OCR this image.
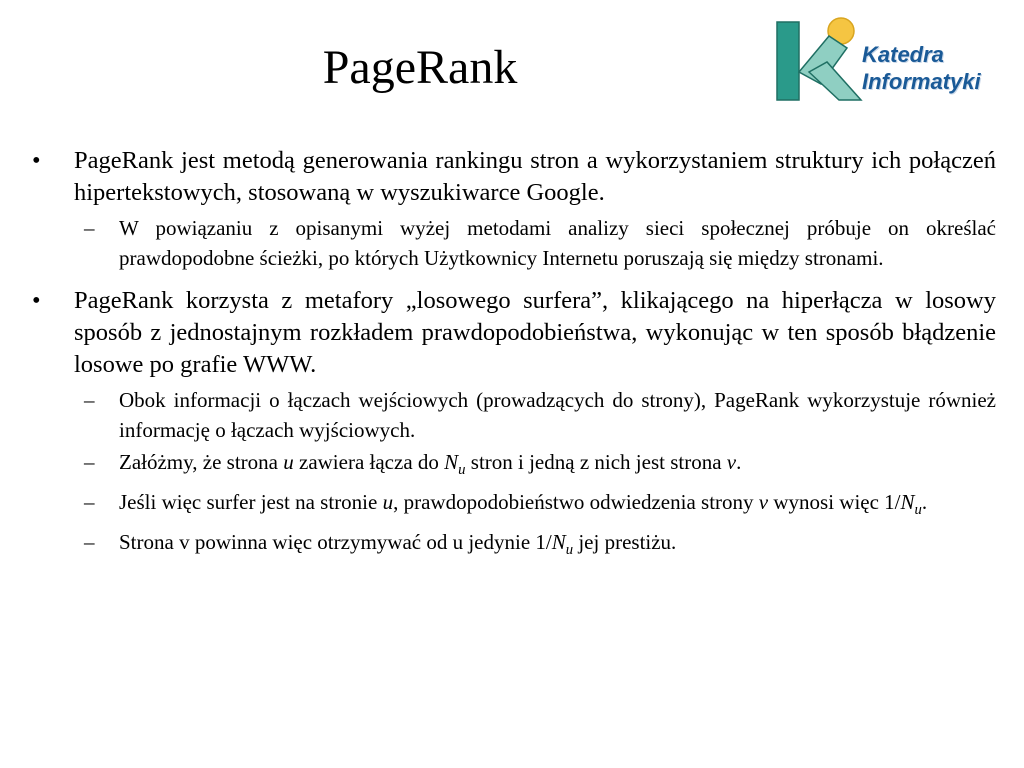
PageRank	Katedra
Informatyki
• PageRank jest metodą generowania rankingu stron a wykorzystaniem struktury ich połączeń hipertekstowych, stosowaną w wyszukiwarce Google.
– W powiązaniu z opisanymi wyżej metodami analizy sieci społecznej próbuje on określać prawdopodobne ścieżki, po których Użytkownicy Internetu poruszają się między stronami.
• PageRank korzysta z metafory „losowego surfera”, klikającego na hiperłącza w losowy sposób z jednostajnym rozkładem prawdopodobieństwa, wykonując w ten sposób błądzenie losowe po grafie WWW.
– Obok informacji o łączach wejściowych (prowadzących do strony), PageRank wykorzystuje również informację o łączach wyjściowych.
– Załóżmy, że strona u zawiera łącza do $N_u$ stron i jedną z nich jest strona v.
– Jeśli więc surfer jest na stronie u, prawdopodobieństwo odwiedzenia strony v wynosi więc $1/N_u$.
– Strona v powinna więc otrzymywać od u jedynie $1/N_u$ jej prestiżu.
